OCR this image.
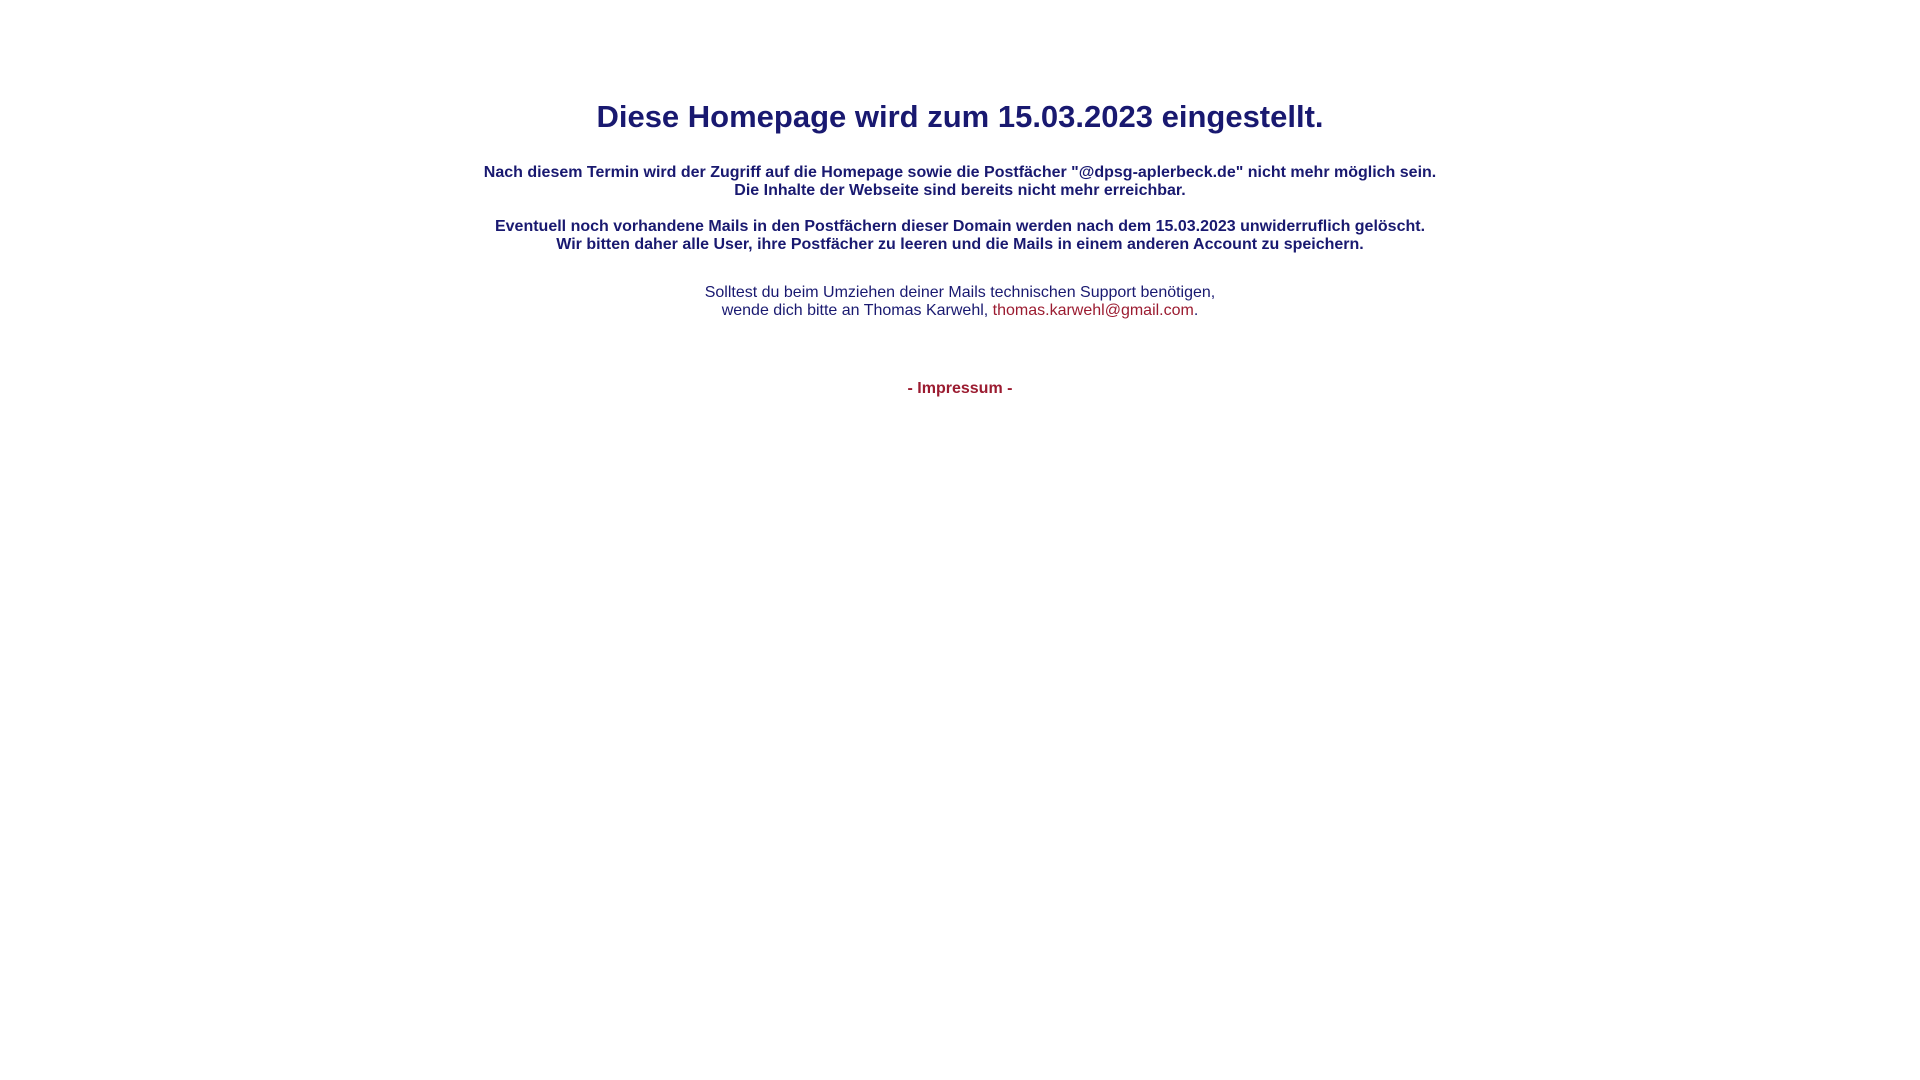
Diese Homepage wird zum 15.03.2023 eingestellt.

Nach diesem Termin wird der Zugriff auf die Homepage sowie die Postfächer "@dpsg-aplerbeck.de" nicht mehr möglich sein.
Die Inhalte der Webseite sind bereits nicht mehr erreichbar.

Eventuell noch vorhandene Mails in den Postfächern dieser Domain werden nach dem 15.03.2023 unwiderruflich gelöscht.
Wir bitten daher alle User, ihre Postfächer zu leeren und die Mails in einem anderen Account zu speichern.

Solltest du beim Umziehen deiner Mails technischen Support benötigen,
wende dich bitte an Thomas Karwehl, thomas.karwehl@gmail.com.

- Impressum -
